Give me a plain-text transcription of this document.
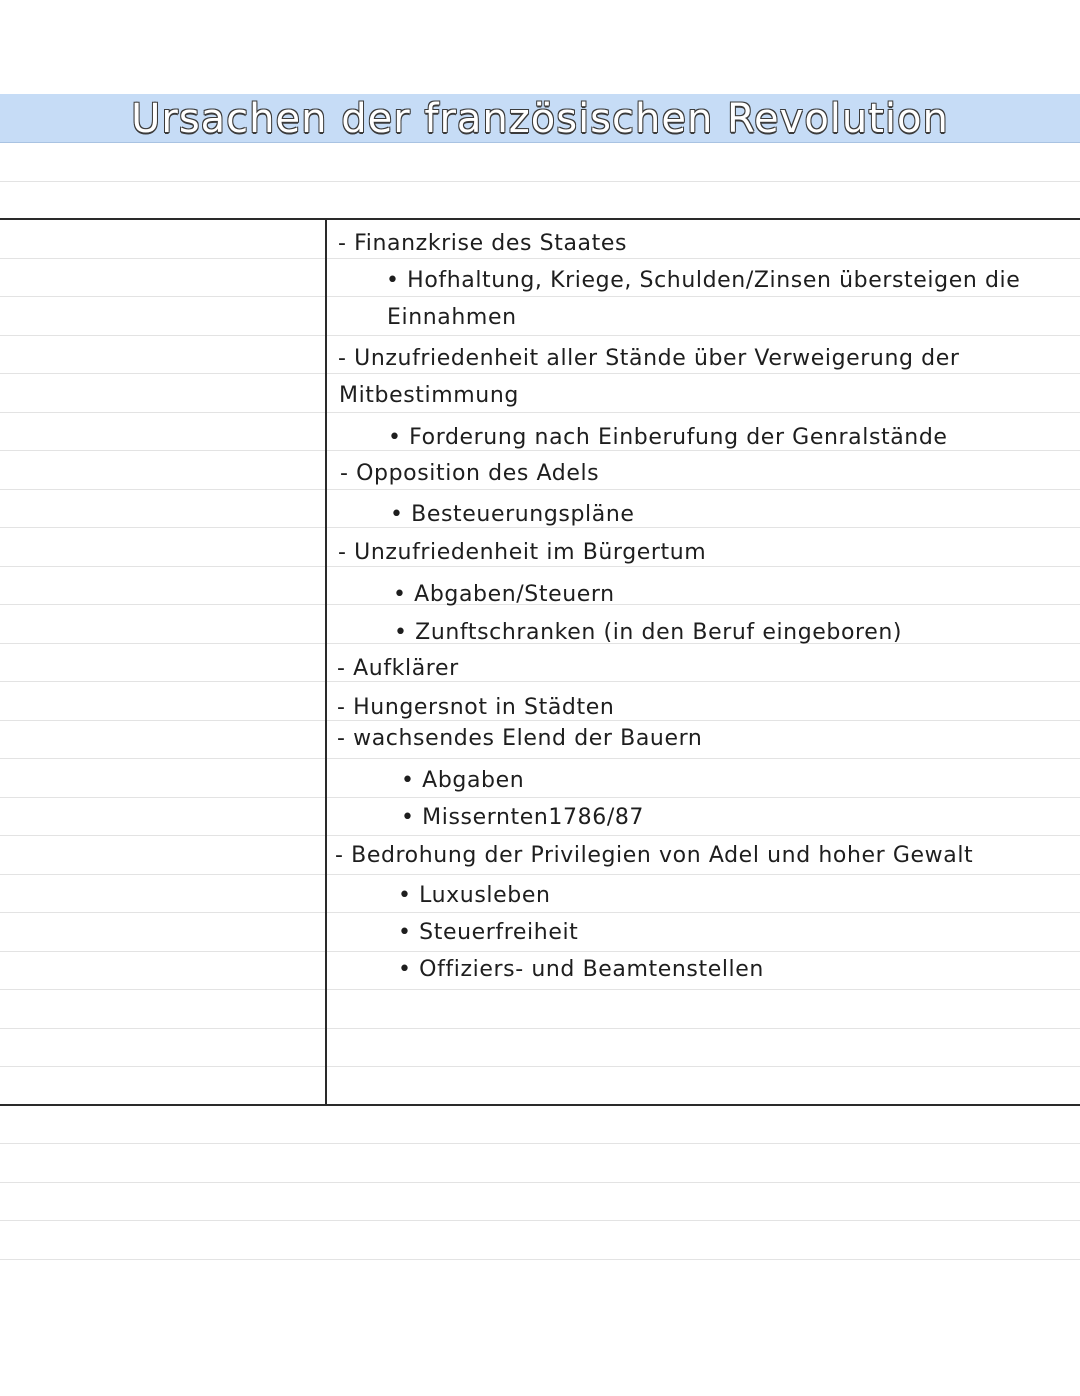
Ursachen der französischen Revolution
- Finanzkrise des Staates
• Hofhaltung, Kriege, Schulden/Zinsen übersteigen die
Einnahmen
- Unzufriedenheit aller Stände über Verweigerung der
Mitbestimmung
• Forderung nach Einberufung der Genralstände
- Opposition des Adels
• Besteuerungspläne
- Unzufriedenheit im Bürgertum
• Abgaben/Steuern
• Zunftschranken (in den Beruf eingeboren)
- Aufklärer
- Hungersnot in Städten
- wachsendes Elend der Bauern
• Abgaben
• Missernten1786/87
- Bedrohung der Privilegien von Adel und hoher Gewalt
• Luxusleben
• Steuerfreiheit
• Offiziers- und Beamtenstellen
